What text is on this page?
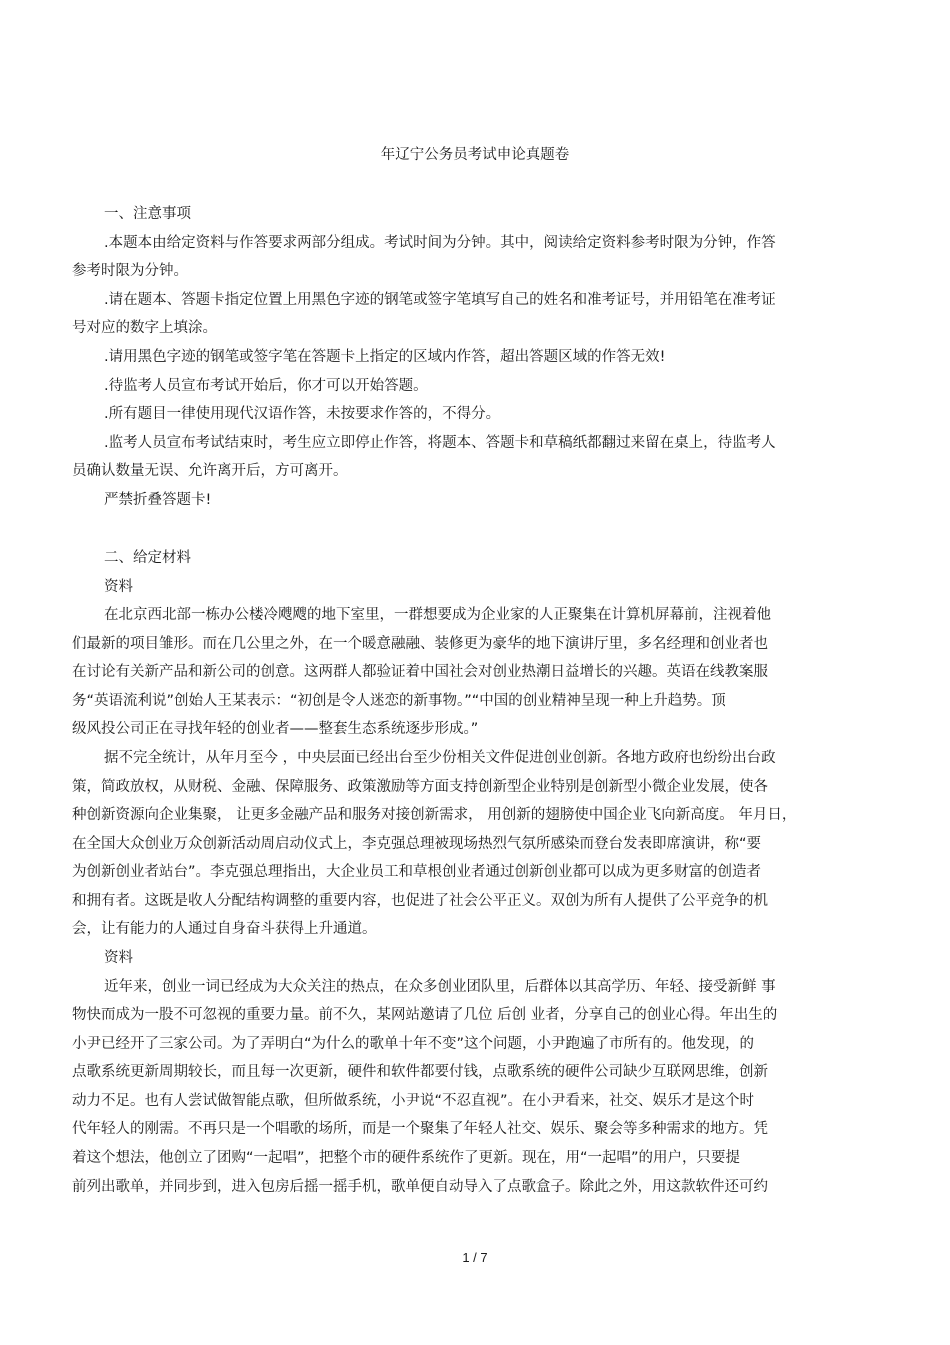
年辽宁公务员考试申论真题卷
一、注意事项
.本题本由给定资料与作答要求两部分组成。考试时间为分钟。其中，阅读给定资料参考时限为分钟，作答
参考时限为分钟。
.请在题本、答题卡指定位置上用黑色字迹的钢笔或签字笔填写自己的姓名和准考证号，并用铅笔在准考证
号对应的数字上填涂。
.请用黑色字迹的钢笔或签字笔在答题卡上指定的区域内作答，超出答题区域的作答无效!
.待监考人员宣布考试开始后，你才可以开始答题。
.所有题目一律使用现代汉语作答，未按要求作答的，不得分。
.监考人员宣布考试结束时，考生应立即停止作答，将题本、答题卡和草稿纸都翻过来留在桌上，待监考人
员确认数量无误、允许离开后，方可离开。
严禁折叠答题卡!
二、给定材料
资料
在北京西北部一栋办公楼冷飕飕的地下室里，一群想要成为企业家的人正聚集在计算机屏幕前，注视着他
们最新的项目雏形。而在几公里之外，在一个暖意融融、装修更为豪华的地下演讲厅里，多名经理和创业者也
在讨论有关新产品和新公司的创意。这两群人都验证着中国社会对创业热潮日益增长的兴趣。英语在线教案服
务“英语流利说”创始人王某表示：“初创是令人迷恋的新事物。”“中国的创业精神呈现一种上升趋势。顶
级风投公司正在寻找年轻的创业者——整套生态系统逐步形成。”
据不完全统计，从年月至今 ，中央层面已经出台至少份相关文件促进创业创新。各地方政府也纷纷出台政
策，简政放权，从财税、金融、保障服务、政策激励等方面支持创新型企业特别是创新型小微企业发展，使各
种创新资源向企业集聚， 让更多金融产品和服务对接创新需求， 用创新的翅膀使中国企业飞向新高度。 年月日，
在全国大众创业万众创新活动周启动仪式上，李克强总理被现场热烈气氛所感染而登台发表即席演讲，称“要
为创新创业者站台”。李克强总理指出，大企业员工和草根创业者通过创新创业都可以成为更多财富的创造者
和拥有者。这既是收人分配结构调整的重要内容，也促进了社会公平正义。双创为所有人提供了公平竞争的机
会，让有能力的人通过自身奋斗获得上升通道。
资料
近年来，创业一词已经成为大众关注的热点，在众多创业团队里，后群体以其高学历、年轻、接受新鲜 事
物快而成为一股不可忽视的重要力量。前不久，某网站邀请了几位 后创 业者，分享自己的创业心得。年出生的
小尹已经开了三家公司。为了弄明白“为什么的歌单十年不变”这个问题，小尹跑遍了市所有的。他发现，的
点歌系统更新周期较长，而且每一次更新，硬件和软件都要付钱，点歌系统的硬件公司缺少互联网思维，创新
动力不足。也有人尝试做智能点歌，但所做系统，小尹说“不忍直视”。在小尹看来，社交、娱乐才是这个时
代年轻人的刚需。不再只是一个唱歌的场所，而是一个聚集了年轻人社交、娱乐、聚会等多种需求的地方。凭
着这个想法，他创立了团购“一起唱”，把整个市的硬件系统作了更新。现在，用“一起唱”的用户，只要提
前列出歌单，并同步到，进入包房后摇一摇手机，歌单便自动导入了点歌盒子。除此之外，用这款软件还可约
1 / 7
